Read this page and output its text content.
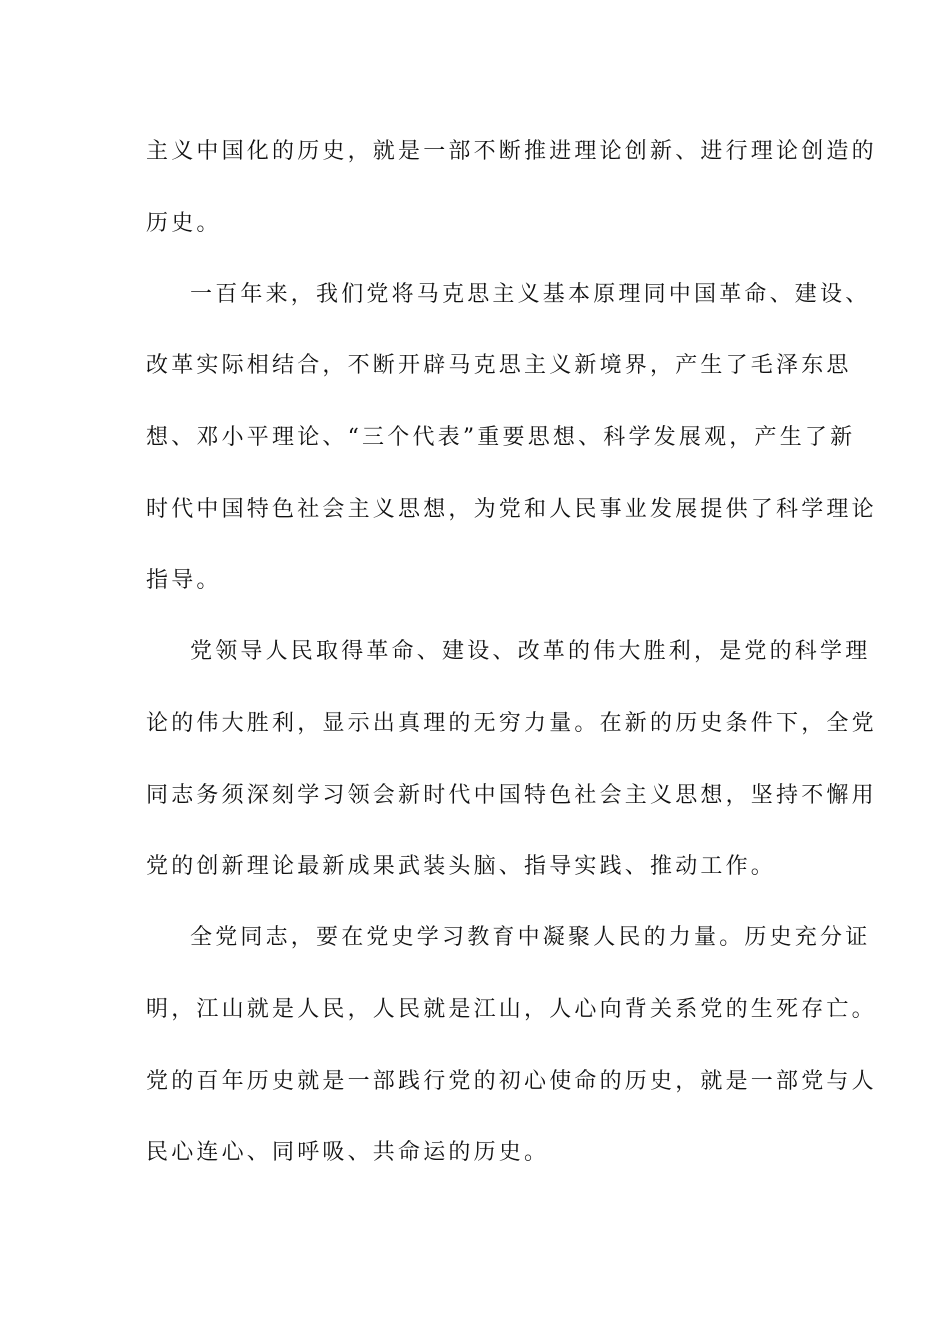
主义中国化的历史，就是一部不断推进理论创新、进行理论创造的
历史。
一百年来，我们党将马克思主义基本原理同中国革命、建设、
改革实际相结合，不断开辟马克思主义新境界，产生了毛泽东思
想、邓小平理论、“三个代表”重要思想、科学发展观，产生了新
时代中国特色社会主义思想，为党和人民事业发展提供了科学理论
指导。
党领导人民取得革命、建设、改革的伟大胜利，是党的科学理
论的伟大胜利，显示出真理的无穷力量。在新的历史条件下，全党
同志务须深刻学习领会新时代中国特色社会主义思想，坚持不懈用
党的创新理论最新成果武装头脑、指导实践、推动工作。
全党同志，要在党史学习教育中凝聚人民的力量。历史充分证
明，江山就是人民，人民就是江山，人心向背关系党的生死存亡。
党的百年历史就是一部践行党的初心使命的历史，就是一部党与人
民心连心、同呼吸、共命运的历史。
